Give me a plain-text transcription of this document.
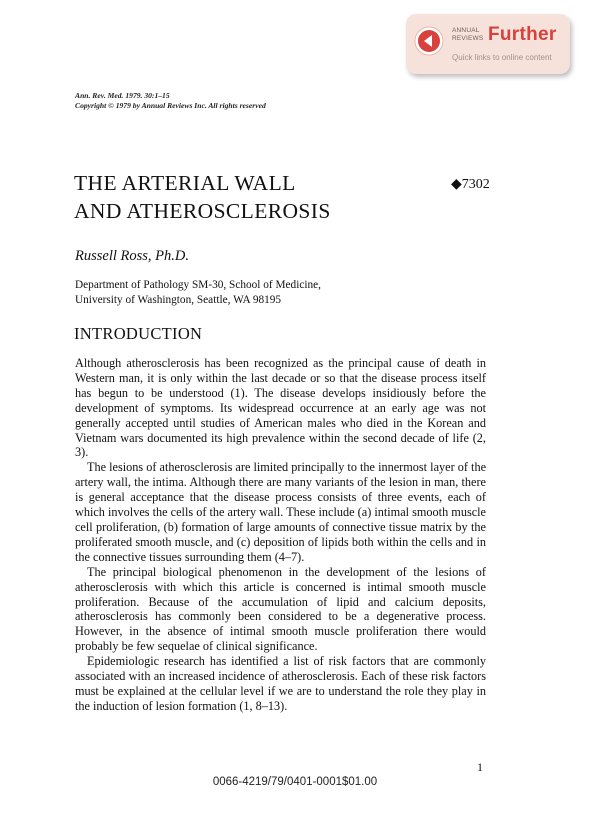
ANNUAL
REVIEWS Further
Quick links to online content
Ann. Rev. Med. 1979. 30:1–15
Copyright © 1979 by Annual Reviews Inc. All rights reserved
THE ARTERIAL WALL
AND ATHEROSCLEROSIS
◆7302
Russell Ross, Ph.D.
Department of Pathology SM-30, School of Medicine,
University of Washington, Seattle, WA 98195
INTRODUCTION

Although atherosclerosis has been recognized as the principal cause of death in Western man, it is only within the last decade or so that the disease process itself has begun to be understood (1). The disease develops insidiously before the development of symptoms. Its widespread occurrence at an early age was not generally accepted until studies of American males who died in the Korean and Vietnam wars documented its high prevalence within the second decade of life (2, 3).

The lesions of atherosclerosis are limited principally to the innermost layer of the artery wall, the intima. Although there are many variants of the lesion in man, there is general acceptance that the disease process consists of three events, each of which involves the cells of the artery wall. These include (a) intimal smooth muscle cell proliferation, (b) formation of large amounts of connective tissue matrix by the proliferated smooth muscle, and (c) deposition of lipids both within the cells and in the connective tissues surrounding them (4–7).

The principal biological phenomenon in the development of the lesions of atherosclerosis with which this article is concerned is intimal smooth muscle proliferation. Because of the accumulation of lipid and calcium deposits, atherosclerosis has commonly been considered to be a degenerative process. However, in the absence of intimal smooth muscle proliferation there would probably be few sequelae of clinical significance.

Epidemiologic research has identified a list of risk factors that are commonly associated with an increased incidence of atherosclerosis. Each of these risk factors must be explained at the cellular level if we are to understand the role they play in the induction of lesion formation (1, 8–13).

1
0066-4219/79/0401-0001$01.00
